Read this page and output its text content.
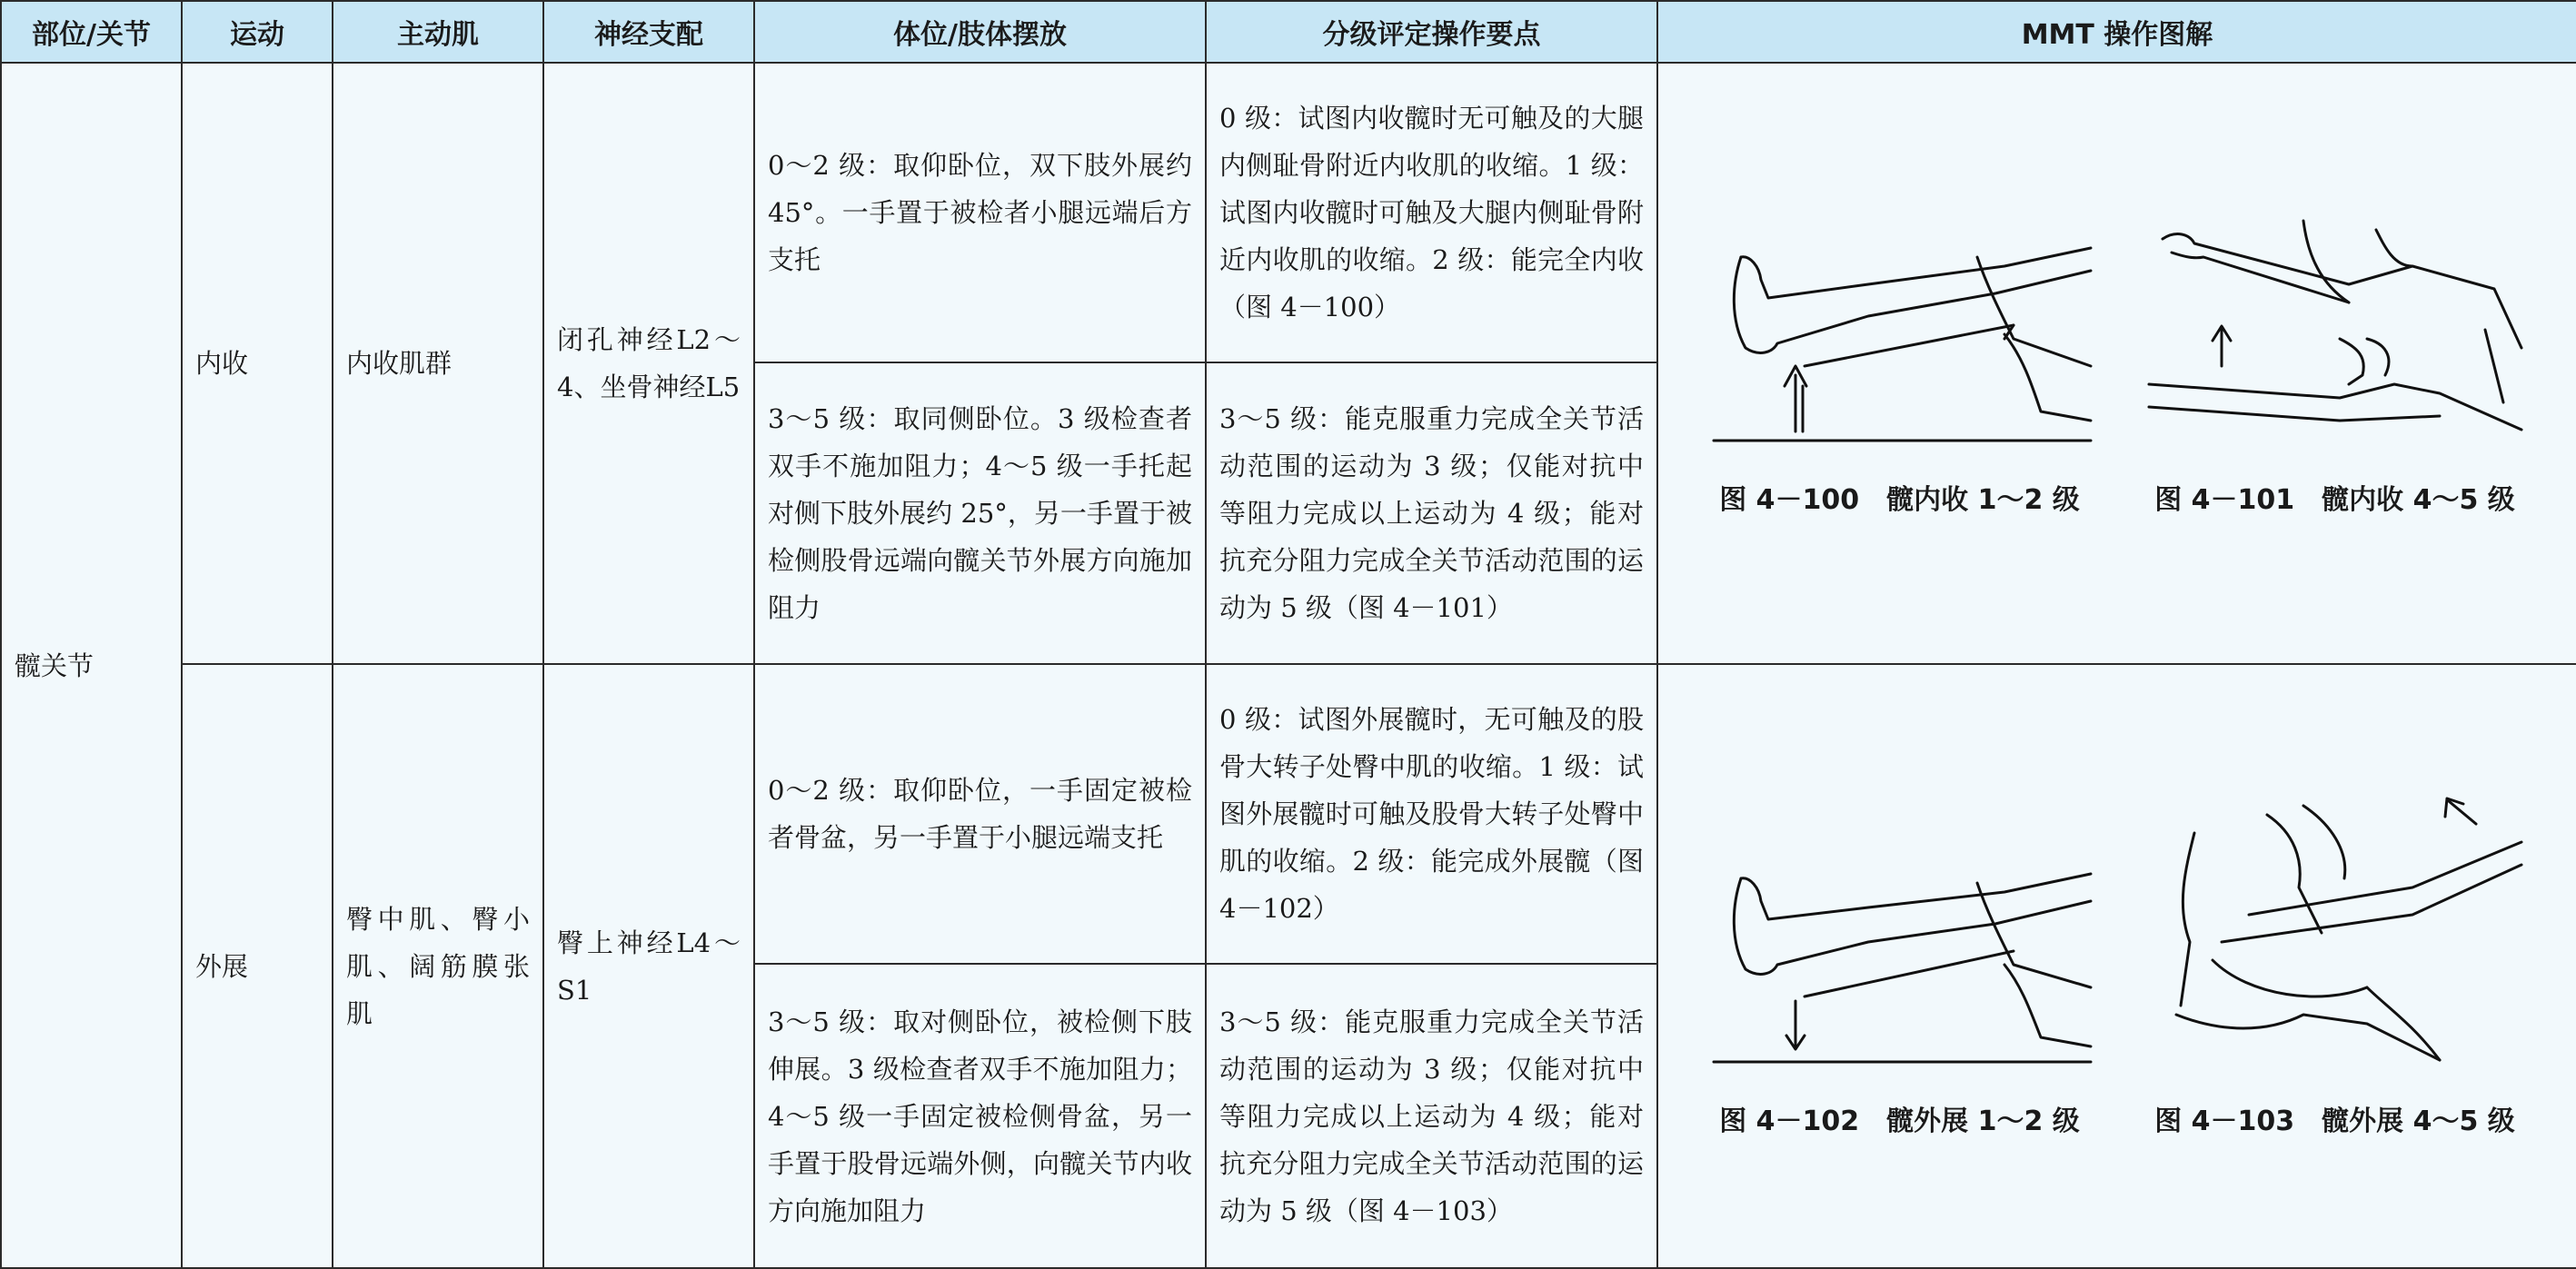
部位/关节	运动	主动肌	神经支配	体位/肢体摆放	分级评定操作要点	MMT 操作图解
髋关节	内收	内收肌群	闭孔神经L2～4、坐骨神经L5	0～2 级：取仰卧位，双下肢外展约 45°。一手置于被检者小腿远端后方支托	0 级：试图内收髋时无可触及的大腿内侧耻骨附近内收肌的收缩。1 级：试图内收髋时可触及大腿内侧耻骨附近内收肌的收缩。2 级：能完全内收（图 4－100）	图 4－100　髋内收 1～2 级 图 4－101　髋内收 4～5 级

				3～5 级：取同侧卧位。3 级检查者双手不施加阻力；4～5 级一手托起对侧下肢外展约 25°，另一手置于被检侧股骨远端向髋关节外展方向施加阻力	3～5 级：能克服重力完成全关节活动范围的运动为 3 级；仅能对抗中等阻力完成以上运动为 4 级；能对抗充分阻力完成全关节活动范围的运动为 5 级（图 4－101）	
	外展	臀中肌、臀小肌、阔筋膜张肌	臀上神经L4～S1	0～2 级：取仰卧位，一手固定被检者骨盆，另一手置于小腿远端支托	0 级：试图外展髋时，无可触及的股骨大转子处臀中肌的收缩。1 级：试图外展髋时可触及股骨大转子处臀中肌的收缩。2 级：能完成外展髋（图 4－102）	图 4－102　髋外展 1～2 级 图 4－103　髋外展 4～5 级

				3～5 级：取对侧卧位，被检侧下肢伸展。3 级检查者双手不施加阻力；4～5 级一手固定被检侧骨盆，另一手置于股骨远端外侧，向髋关节内收方向施加阻力	3～5 级：能克服重力完成全关节活动范围的运动为 3 级；仅能对抗中等阻力完成以上运动为 4 级；能对抗充分阻力完成全关节活动范围的运动为 5 级（图 4－103）	
